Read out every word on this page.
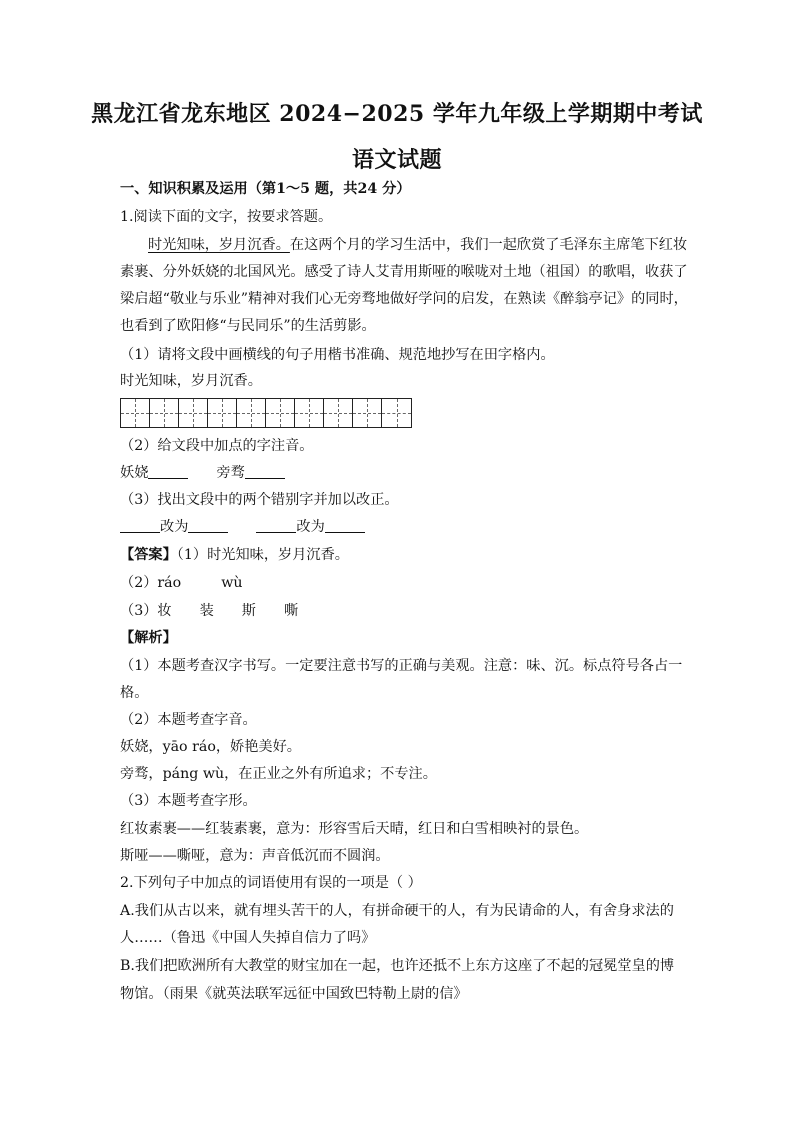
黑龙江省龙东地区 2024−2025 学年九年级上学期期中考试
语文试题
一、知识积累及运用（第1～5 题，共24 分）
1.阅读下面的文字，按要求答题。
时光知味，岁月沉香。在这两个月的学习生活中，我们一起欣赏了毛泽东主席笔下红妆
素裹、分外妖娆的北国风光。感受了诗人艾青用斯哑的喉咙对土地（祖国）的歌唱，收获了
梁启超“敬业与乐业”精神对我们心无旁骛地做好学问的启发，在熟读《醉翁亭记》的同时，
也看到了欧阳修“与民同乐”的生活剪影。
（1）请将文段中画横线的句子用楷书准确、规范地抄写在田字格内。
时光知味，岁月沉香。
（2）给文段中加点的字注音。
妖娆	旁骛
（3）找出文段中的两个错别字并加以改正。
改为	改为
【答案】（1）时光知味，岁月沉香。
（2）ráo	wù
（3）妆 装 斯 嘶
【解析】
（1）本题考查汉字书写。一定要注意书写的正确与美观。注意：味、沉。标点符号各占一
格。
（2）本题考查字音。
妖娆，yāo ráo，娇艳美好。
旁骛，páng wù，在正业之外有所追求；不专注。
（3）本题考查字形。
红妆素裹——红装素裹，意为：形容雪后天晴，红日和白雪相映衬的景色。
斯哑——嘶哑，意为：声音低沉而不圆润。
2.下列句子中加点的词语使用有误的一项是（ ）
A.我们从古以来，就有埋头苦干的人，有拼命硬干的人，有为民请命的人，有舍身求法的
人……（鲁迅《中国人失掉自信力了吗》
B.我们把欧洲所有大教堂的财宝加在一起，也许还抵不上东方这座了不起的冠冕堂皇的博
物馆。（雨果《就英法联军远征中国致巴特勒上尉的信》
